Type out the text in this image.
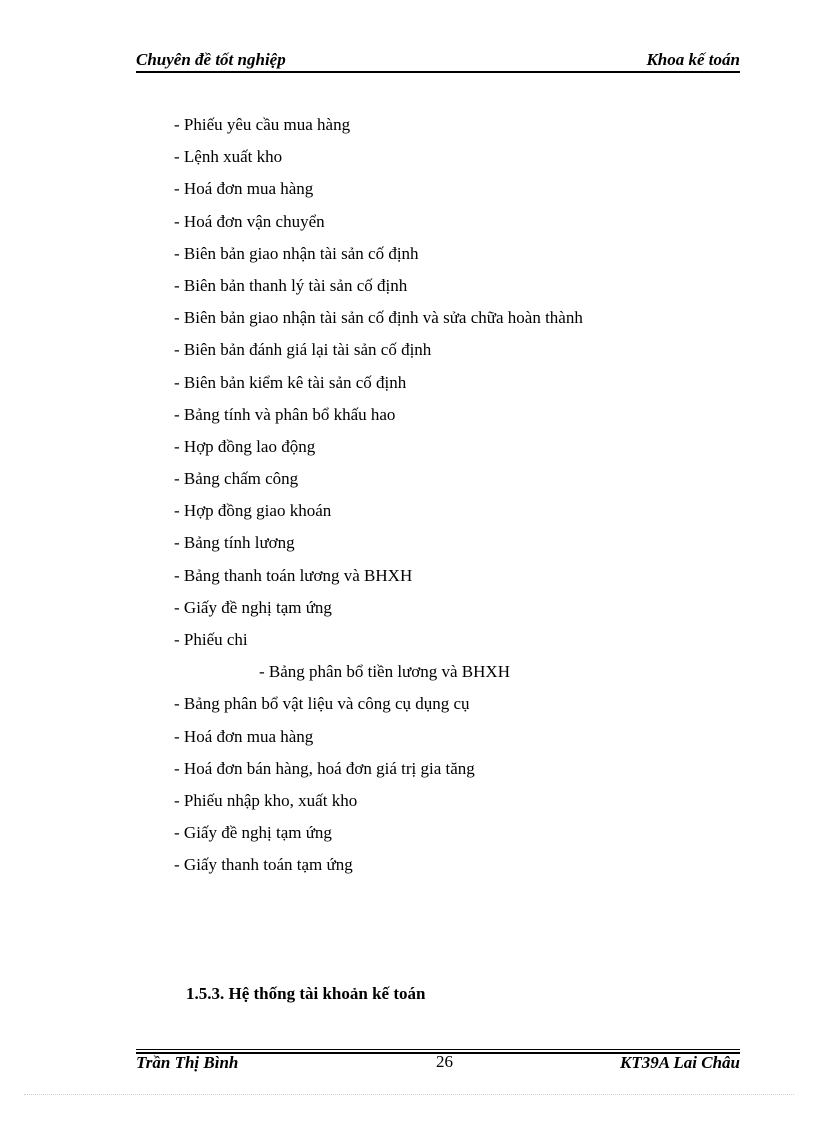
Chuyên đề tốt nghiệp	Khoa kế toán
- Phiếu yêu cầu mua hàng
- Lệnh xuất kho
- Hoá đơn mua hàng
- Hoá đơn vận chuyển
- Biên bản giao nhận tài sản cố định
- Biên bản thanh lý tài sản cố định
- Biên bản giao nhận tài sản cố định và sửa chữa hoàn thành
- Biên bản đánh giá lại tài sản cố định
- Biên bản kiểm kê tài sản cố định
- Bảng tính và phân bổ khấu hao
- Hợp đồng lao động
- Bảng chấm công
- Hợp đồng giao khoán
- Bảng tính lương
- Bảng thanh toán lương và BHXH
- Giấy đề nghị tạm ứng
- Phiếu chi
- Bảng phân bổ tiền lương và BHXH
- Bảng phân bổ vật liệu và công cụ dụng cụ
- Hoá đơn mua hàng
- Hoá đơn bán hàng, hoá đơn giá trị gia tăng
- Phiếu nhập kho, xuất kho
- Giấy đề nghị tạm ứng
- Giấy thanh toán tạm ứng
1.5.3. Hệ thống tài khoản kế toán
Trần Thị Bình	26	KT39A Lai Châu
